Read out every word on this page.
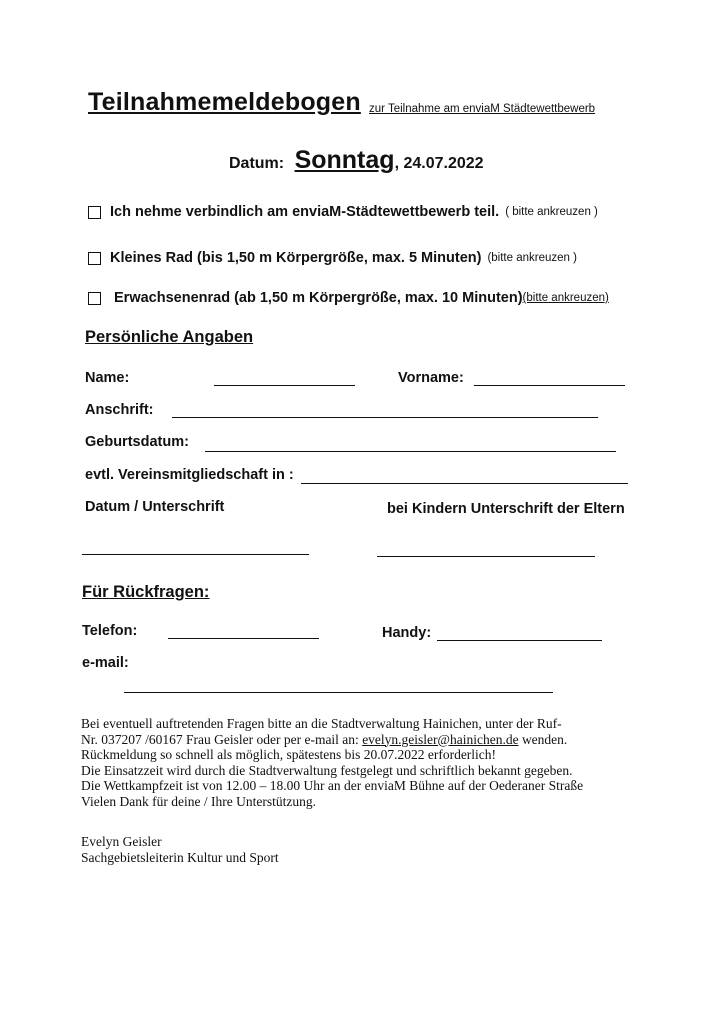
Teilnahmemeldebogen zur Teilnahme am enviaM Städtewettbewerb
Datum: Sonntag, 24.07.2022
Ich nehme verbindlich am enviaM-Städtewettbewerb teil. ( bitte ankreuzen )
Kleines Rad (bis 1,50 m Körpergröße, max. 5 Minuten) (bitte ankreuzen )
Erwachsenenrad (ab 1,50 m Körpergröße, max. 10 Minuten) (bitte ankreuzen)
Persönliche Angaben
Name:	Vorname:
Anschrift:
Geburtsdatum:
evtl. Vereinsmitgliedschaft in :
Datum / Unterschrift	bei Kindern Unterschrift der Eltern
Für Rückfragen:
Telefon:	Handy:
e-mail:
Bei eventuell auftretenden Fragen bitte an die Stadtverwaltung Hainichen, unter der Ruf-
Nr. 037207 /60167 Frau Geisler oder per e-mail an: evelyn.geisler@hainichen.de wenden.
Rückmeldung so schnell als möglich, spätestens bis 20.07.2022 erforderlich!
Die Einsatzzeit wird durch die Stadtverwaltung festgelegt und schriftlich bekannt gegeben.
Die Wettkampfzeit ist von 12.00 – 18.00 Uhr an der enviaM Bühne auf der Oederaner Straße
Vielen Dank für deine / Ihre Unterstützung.
Evelyn Geisler
Sachgebietsleiterin Kultur und Sport
